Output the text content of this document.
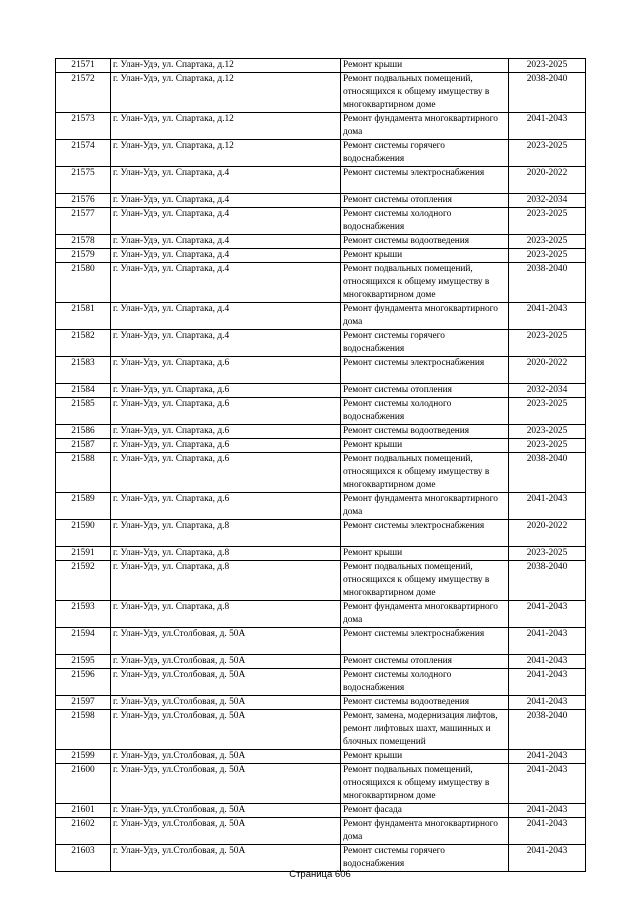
21571	г. Улан-Удэ, ул. Спартака, д.12	Ремонт крыши	2023-2025
21572	г. Улан-Удэ, ул. Спартака, д.12	Ремонт подвальных помещений, относящихся к общему имуществу в многоквартирном доме	2038-2040
21573	г. Улан-Удэ, ул. Спартака, д.12	Ремонт фундамента многоквартирного дома	2041-2043
21574	г. Улан-Удэ, ул. Спартака, д.12	Ремонт системы горячего водоснабжения	2023-2025
21575	г. Улан-Удэ, ул. Спартака, д.4	Ремонт системы электроснабжения	2020-2022
21576	г. Улан-Удэ, ул. Спартака, д.4	Ремонт системы отопления	2032-2034
21577	г. Улан-Удэ, ул. Спартака, д.4	Ремонт системы холодного водоснабжения	2023-2025
21578	г. Улан-Удэ, ул. Спартака, д.4	Ремонт системы водоотведения	2023-2025
21579	г. Улан-Удэ, ул. Спартака, д.4	Ремонт крыши	2023-2025
21580	г. Улан-Удэ, ул. Спартака, д.4	Ремонт подвальных помещений, относящихся к общему имуществу в многоквартирном доме	2038-2040
21581	г. Улан-Удэ, ул. Спартака, д.4	Ремонт фундамента многоквартирного дома	2041-2043
21582	г. Улан-Удэ, ул. Спартака, д.4	Ремонт системы горячего водоснабжения	2023-2025
21583	г. Улан-Удэ, ул. Спартака, д.6	Ремонт системы электроснабжения	2020-2022
21584	г. Улан-Удэ, ул. Спартака, д.6	Ремонт системы отопления	2032-2034
21585	г. Улан-Удэ, ул. Спартака, д.6	Ремонт системы холодного водоснабжения	2023-2025
21586	г. Улан-Удэ, ул. Спартака, д.6	Ремонт системы водоотведения	2023-2025
21587	г. Улан-Удэ, ул. Спартака, д.6	Ремонт крыши	2023-2025
21588	г. Улан-Удэ, ул. Спартака, д.6	Ремонт подвальных помещений, относящихся к общему имуществу в многоквартирном доме	2038-2040
21589	г. Улан-Удэ, ул. Спартака, д.6	Ремонт фундамента многоквартирного дома	2041-2043
21590	г. Улан-Удэ, ул. Спартака, д.8	Ремонт системы электроснабжения	2020-2022
21591	г. Улан-Удэ, ул. Спартака, д.8	Ремонт крыши	2023-2025
21592	г. Улан-Удэ, ул. Спартака, д.8	Ремонт подвальных помещений, относящихся к общему имуществу в многоквартирном доме	2038-2040
21593	г. Улан-Удэ, ул. Спартака, д.8	Ремонт фундамента многоквартирного дома	2041-2043
21594	г. Улан-Удэ, ул.Столбовая, д. 50А	Ремонт системы электроснабжения	2041-2043
21595	г. Улан-Удэ, ул.Столбовая, д. 50А	Ремонт системы отопления	2041-2043
21596	г. Улан-Удэ, ул.Столбовая, д. 50А	Ремонт системы холодного водоснабжения	2041-2043
21597	г. Улан-Удэ, ул.Столбовая, д. 50А	Ремонт системы водоотведения	2041-2043
21598	г. Улан-Удэ, ул.Столбовая, д. 50А	Ремонт, замена, модернизация лифтов, ремонт лифтовых шахт, машинных и блочных помещений	2038-2040
21599	г. Улан-Удэ, ул.Столбовая, д. 50А	Ремонт крыши	2041-2043
21600	г. Улан-Удэ, ул.Столбовая, д. 50А	Ремонт подвальных помещений, относящихся к общему имуществу в многоквартирном доме	2041-2043
21601	г. Улан-Удэ, ул.Столбовая, д. 50А	Ремонт фасада	2041-2043
21602	г. Улан-Удэ, ул.Столбовая, д. 50А	Ремонт фундамента многоквартирного дома	2041-2043
21603	г. Улан-Удэ, ул.Столбовая, д. 50А	Ремонт системы горячего водоснабжения	2041-2043
Страница 606
